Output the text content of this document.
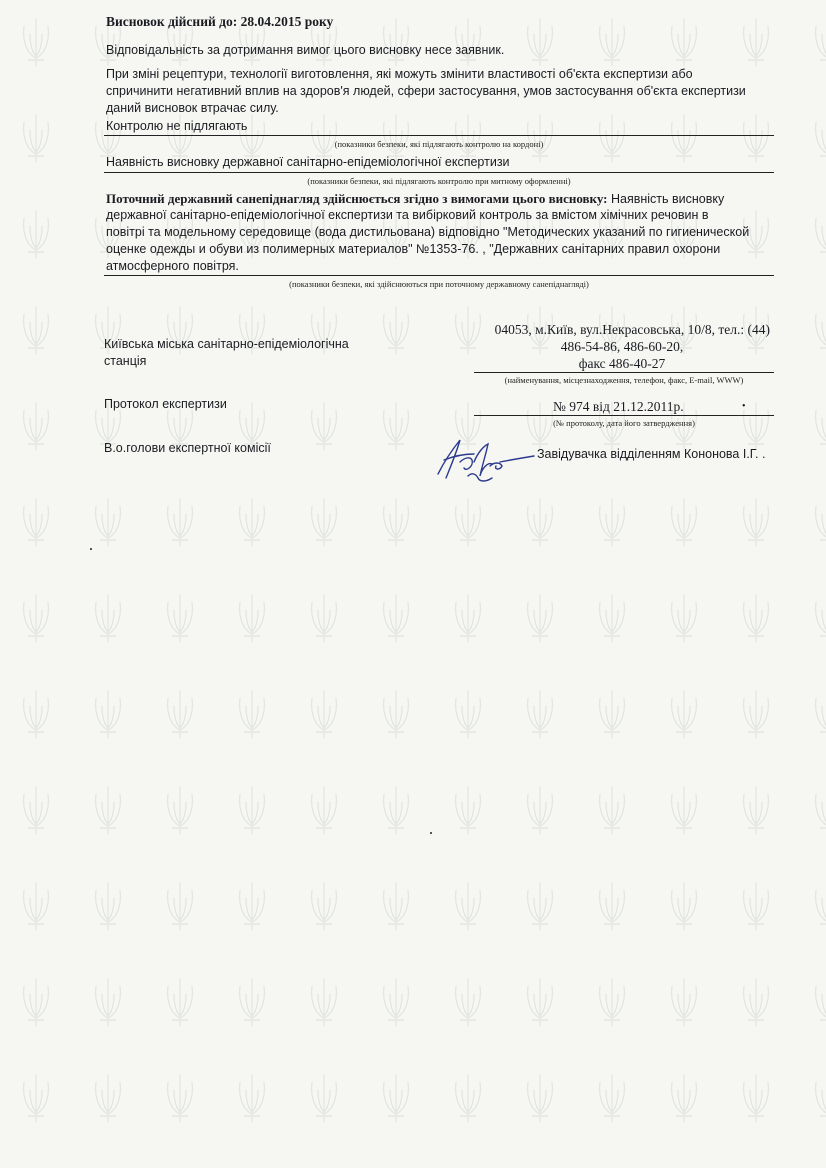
Висновок дійсний до: 28.04.2015 року
Відповідальність за дотримання вимог цього висновку несе заявник.
При зміні рецептури, технології виготовлення, які можуть змінити властивості об'єкта експертизи або
спричинити негативний вплив на здоров'я людей, сфери застосування, умов застосування об'єкта експертизи
даний висновок втрачає силу.
Контролю не підлягають
(показники безпеки, які підлягають контролю на кордоні)
Наявність висновку державної санітарно-епідеміологічної експертизи
(показники безпеки, які підлягають контролю при митному оформленні)
Поточний державний санепіднагляд здійснюється згідно з вимогами цього висновку: Наявність висновку
державної санітарно-епідеміологічної експертизи та вибірковий контроль за вмістом хімічних речовин в
повітрі та модельному середовище (вода дистильована) відповідно "Методических указаний по гигиенической
оценке одежды и обуви из полимерных материалов" №1353-76. , "Державних санітарних правил охорони
атмосферного повітря.
(показники безпеки, які здійснюються при поточному державному санепіднагляді)
Київська міська санітарно-епідеміологічна
станція
04053, м.Київ, вул.Некрасовська, 10/8, тел.: (44)
486-54-86, 486-60-20,
факс 486-40-27
(найменування, місцезнаходження, телефон, факс, E-mail, WWW)
Протокол експертизи	№ 974 від 21.12.2011р.	•
(№ протоколу, дата його затвердження)
В.о.голови експертної комісії	Завідувачка відділенням Кононова І.Г. .
